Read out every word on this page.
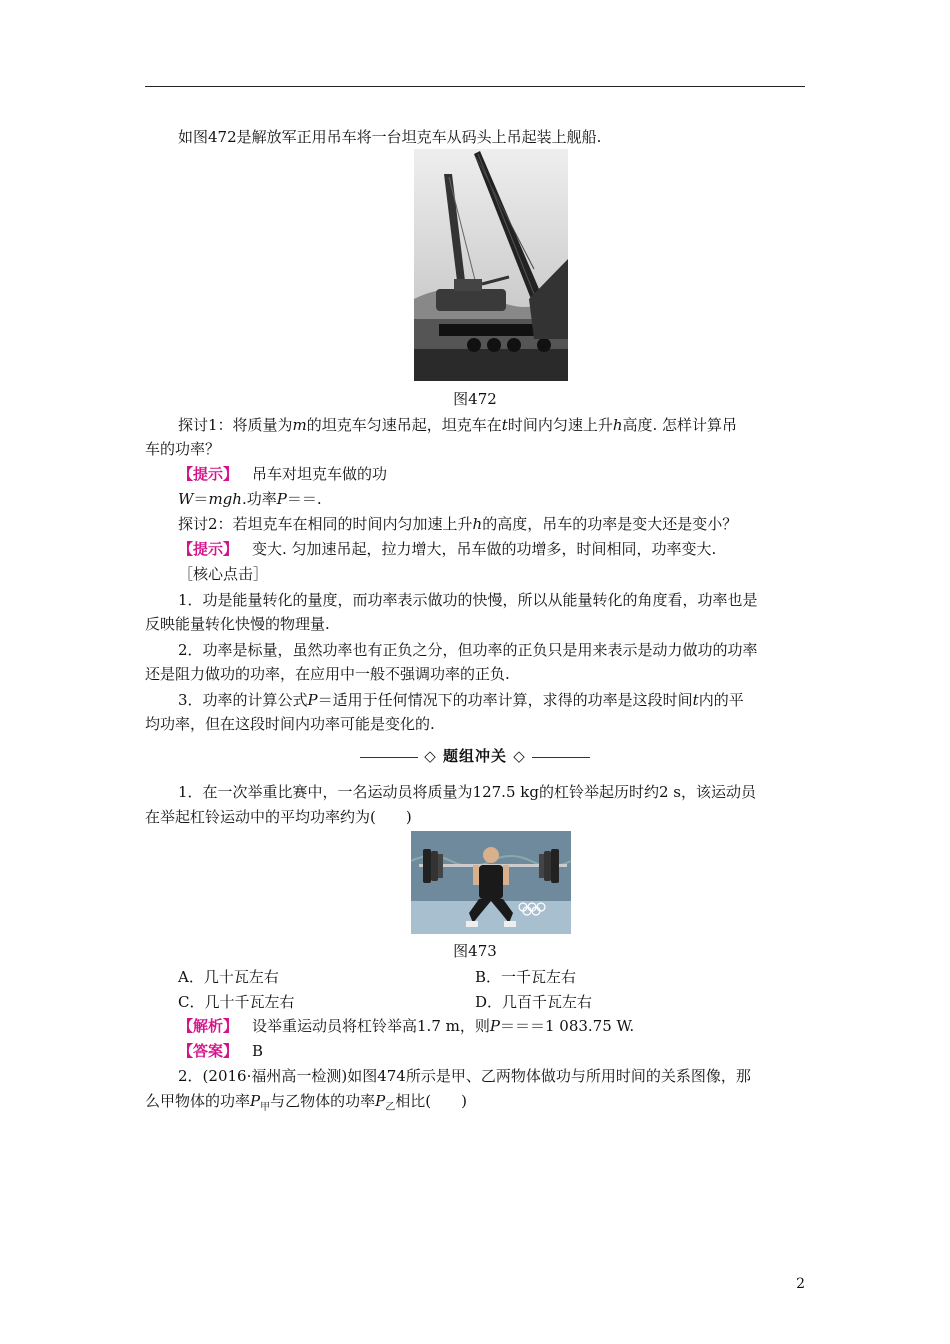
如图472是解放军正用吊车将一台坦克车从码头上吊起装上舰船.
图472
探讨1：将质量为m的坦克车匀速吊起，坦克车在t时间内匀速上升h高度. 怎样计算吊
车的功率？
【提示】 吊车对坦克车做的功
W＝mgh.功率P＝＝.
探讨2：若坦克车在相同的时间内匀加速上升h的高度，吊车的功率是变大还是变小？
【提示】 变大. 匀加速吊起，拉力增大，吊车做的功增多，时间相同，功率变大.
［核心点击］
1．功是能量转化的量度，而功率表示做功的快慢，所以从能量转化的角度看，功率也是
反映能量转化快慢的物理量.
2．功率是标量，虽然功率也有正负之分，但功率的正负只是用来表示是动力做功的功率
还是阻力做功的功率，在应用中一般不强调功率的正负.
3．功率的计算公式P＝适用于任何情况下的功率计算，求得的功率是这段时间t内的平
均功率，但在这段时间内功率可能是变化的.
◇ 题组冲关 ◇
1．在一次举重比赛中，一名运动员将质量为127.5 kg的杠铃举起历时约2 s，该运动员
在举起杠铃运动中的平均功率约为(　　)
图473
A．几十瓦左右	B．一千瓦左右
C．几十千瓦左右	D．几百千瓦左右
【解析】 设举重运动员将杠铃举高1.7 m，则P＝＝＝1 083.75 W.
【答案】 B
2．(2016·福州高一检测)如图474所示是甲、乙两物体做功与所用时间的关系图像，那
么甲物体的功率$P_甲$与乙物体的功率$P_乙$相比(　　)
2
